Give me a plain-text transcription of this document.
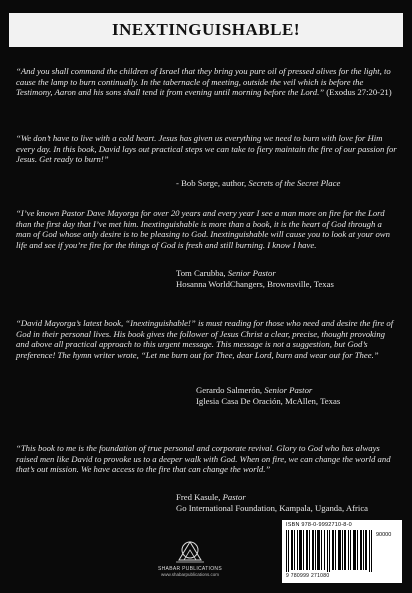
INEXTINGUISHABLE!
“And you shall command the children of Israel that they bring you pure oil of pressed olives for the light, to cause the lamp to burn continually. In the tabernacle of meeting, outside the veil which is before the Testimony, Aaron and his sons shall tend it from evening until morning before the Lord.” (Exodus 27:20-21)
“We don’t have to live with a cold heart. Jesus has given us everything we need to burn with love for Him every day. In this book, David lays out practical steps we can take to fiery maintain the fire of our passion for Jesus. Get ready to burn!”
- Bob Sorge, author, Secrets of the Secret Place
“I’ve known Pastor Dave Mayorga for over 20 years and every year I see a man more on fire for the Lord than the first day that I’ve met him. Inextinguishable is more than a book, it is the heart of God through a man of God whose only desire is to be pleasing to God. Inextinguishable will cause you to look at your own life and see if you’re fire for the things of God is fresh and still burning. I know I have.
Tom Carubba, Senior Pastor
Hosanna WorldChangers, Brownsville, Texas
“David Mayorga’s latest book, “Inextinguishable!” is must reading for those who need and desire the fire of God in their personal lives. His book gives the follower of Jesus Christ a clear, precise, thought provoking and above all practical approach to this urgent message. This message is not a suggestion, but God’s preference! The hymn writer wrote, “Let me burn out for Thee, dear Lord, burn and wear out for Thee.”
Gerardo Salmerón, Senior Pastor
Iglesia Casa De Oración, McAllen, Texas
“This book to me is the foundation of true personal and corporate revival. Glory to God who has always raised men like David to provoke us to a deeper walk with God. When on fire, we can change the world and that’s out mission. We have access to the fire that can change the world.”
Fred Kasule, Pastor
Go International Foundation, Kampala, Uganda, Africa
SHABAR PUBLICATIONS
www.shabarpublications.com
ISBN 978-0-9992710-8-0
90000
9 780999 271080
